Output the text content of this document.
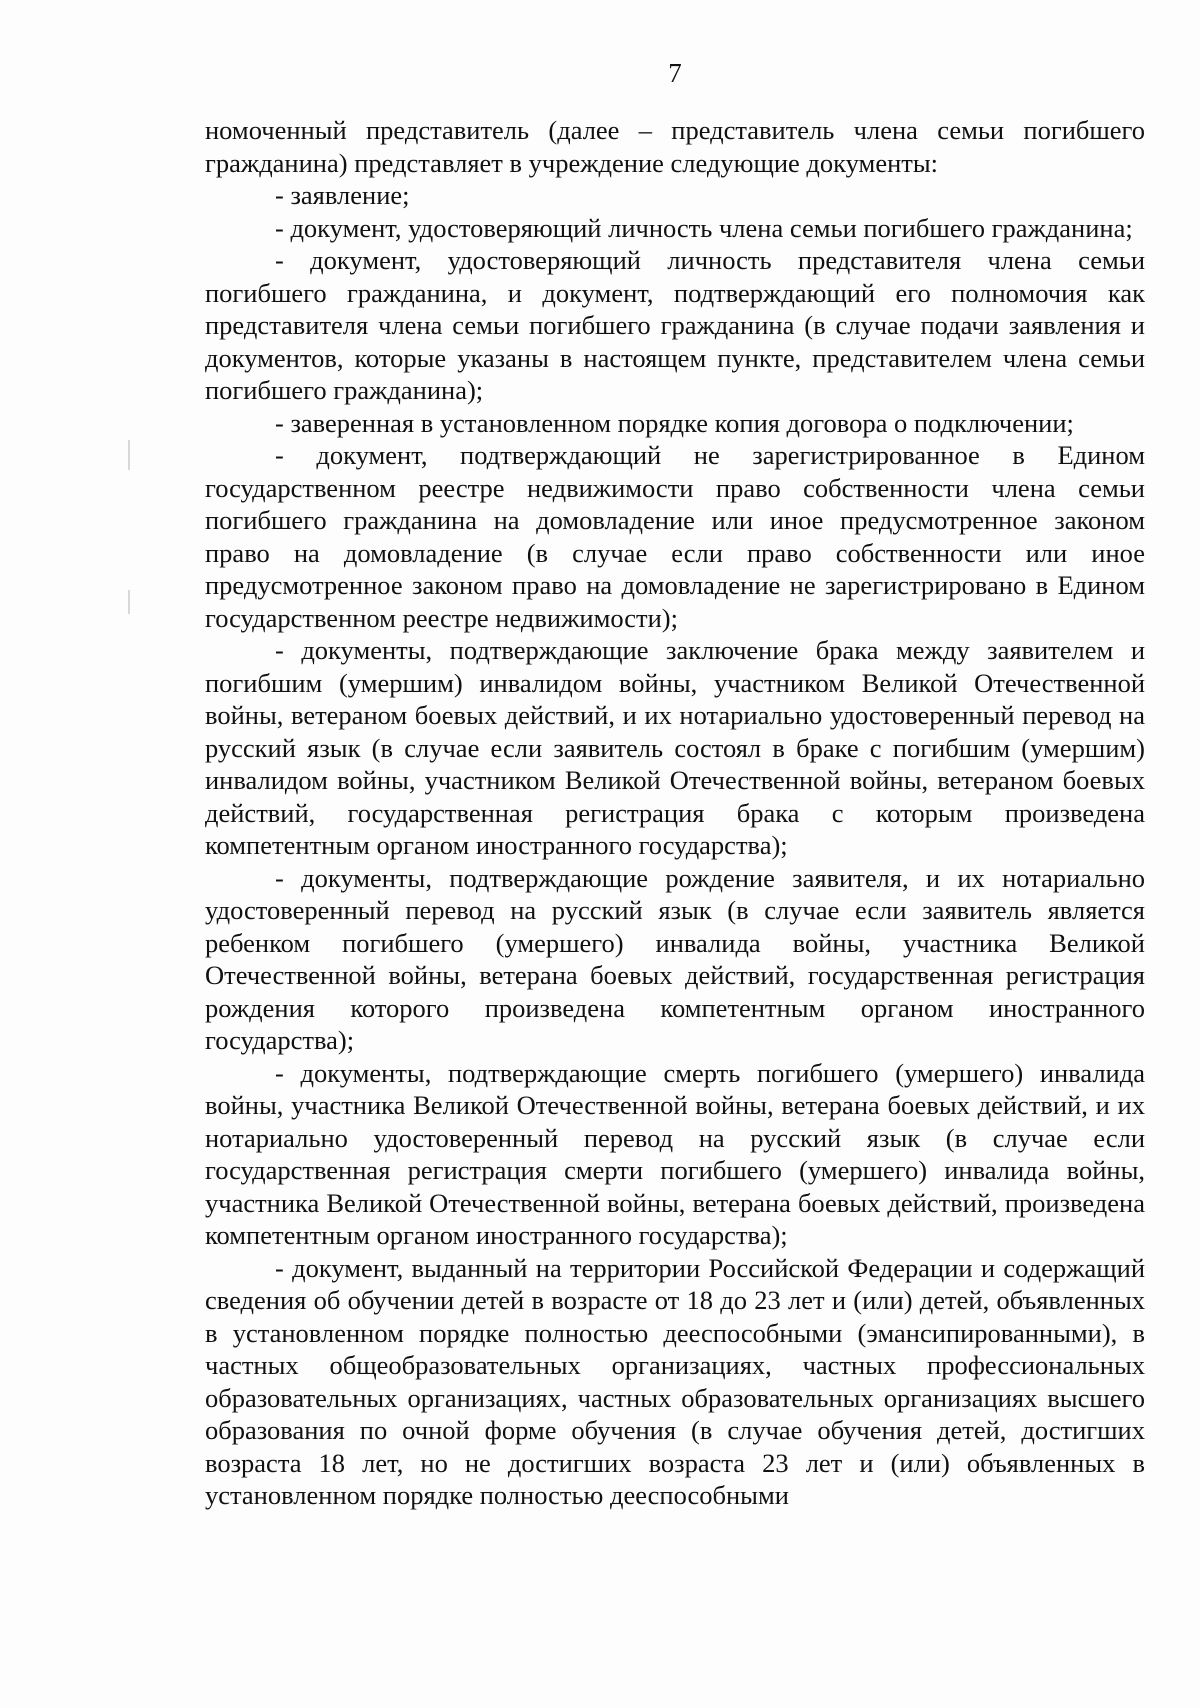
7

номоченный представитель (далее – представитель члена семьи погибшего гражданина) представляет в учреждение следующие документы:

- заявление;

- документ, удостоверяющий личность члена семьи погибшего гражданина;

- документ, удостоверяющий личность представителя члена семьи погибшего гражданина, и документ, подтверждающий его полномочия как представителя члена семьи погибшего гражданина (в случае подачи заявления и документов, которые указаны в настоящем пункте, представителем члена семьи погибшего гражданина);

- заверенная в установленном порядке копия договора о подключении;

- документ, подтверждающий не зарегистрированное в Едином государственном реестре недвижимости право собственности члена семьи погибшего гражданина на домовладение или иное предусмотренное законом право на домовладение (в случае если право собственности или иное предусмотренное законом право на домовладение не зарегистрировано в Едином государственном реестре недвижимости);

- документы, подтверждающие заключение брака между заявителем и погибшим (умершим) инвалидом войны, участником Великой Отечественной войны, ветераном боевых действий, и их нотариально удостоверенный перевод на русский язык (в случае если заявитель состоял в браке с погибшим (умершим) инвалидом войны, участником Великой Отечественной войны, ветераном боевых действий, государственная регистрация брака с которым произведена компетентным органом иностранного государства);

- документы, подтверждающие рождение заявителя, и их нотариально удостоверенный перевод на русский язык (в случае если заявитель является ребенком погибшего (умершего) инвалида войны, участника Великой Отечественной войны, ветерана боевых действий, государственная регистрация рождения которого произведена компетентным органом иностранного государства);

- документы, подтверждающие смерть погибшего (умершего) инвалида войны, участника Великой Отечественной войны, ветерана боевых действий, и их нотариально удостоверенный перевод на русский язык (в случае если государственная регистрация смерти погибшего (умершего) инвалида войны, участника Великой Отечественной войны, ветерана боевых действий, произведена компетентным органом иностранного государства);

- документ, выданный на территории Российской Федерации и содержащий сведения об обучении детей в возрасте от 18 до 23 лет и (или) детей, объявленных в установленном порядке полностью дееспособными (эмансипированными), в частных общеобразовательных организациях, частных профессиональных образовательных организациях, частных образовательных организациях высшего образования по очной форме обучения (в случае обучения детей, достигших возраста 18 лет, но не достигших возраста 23 лет и (или) объявленных в установленном порядке полностью дееспособными
